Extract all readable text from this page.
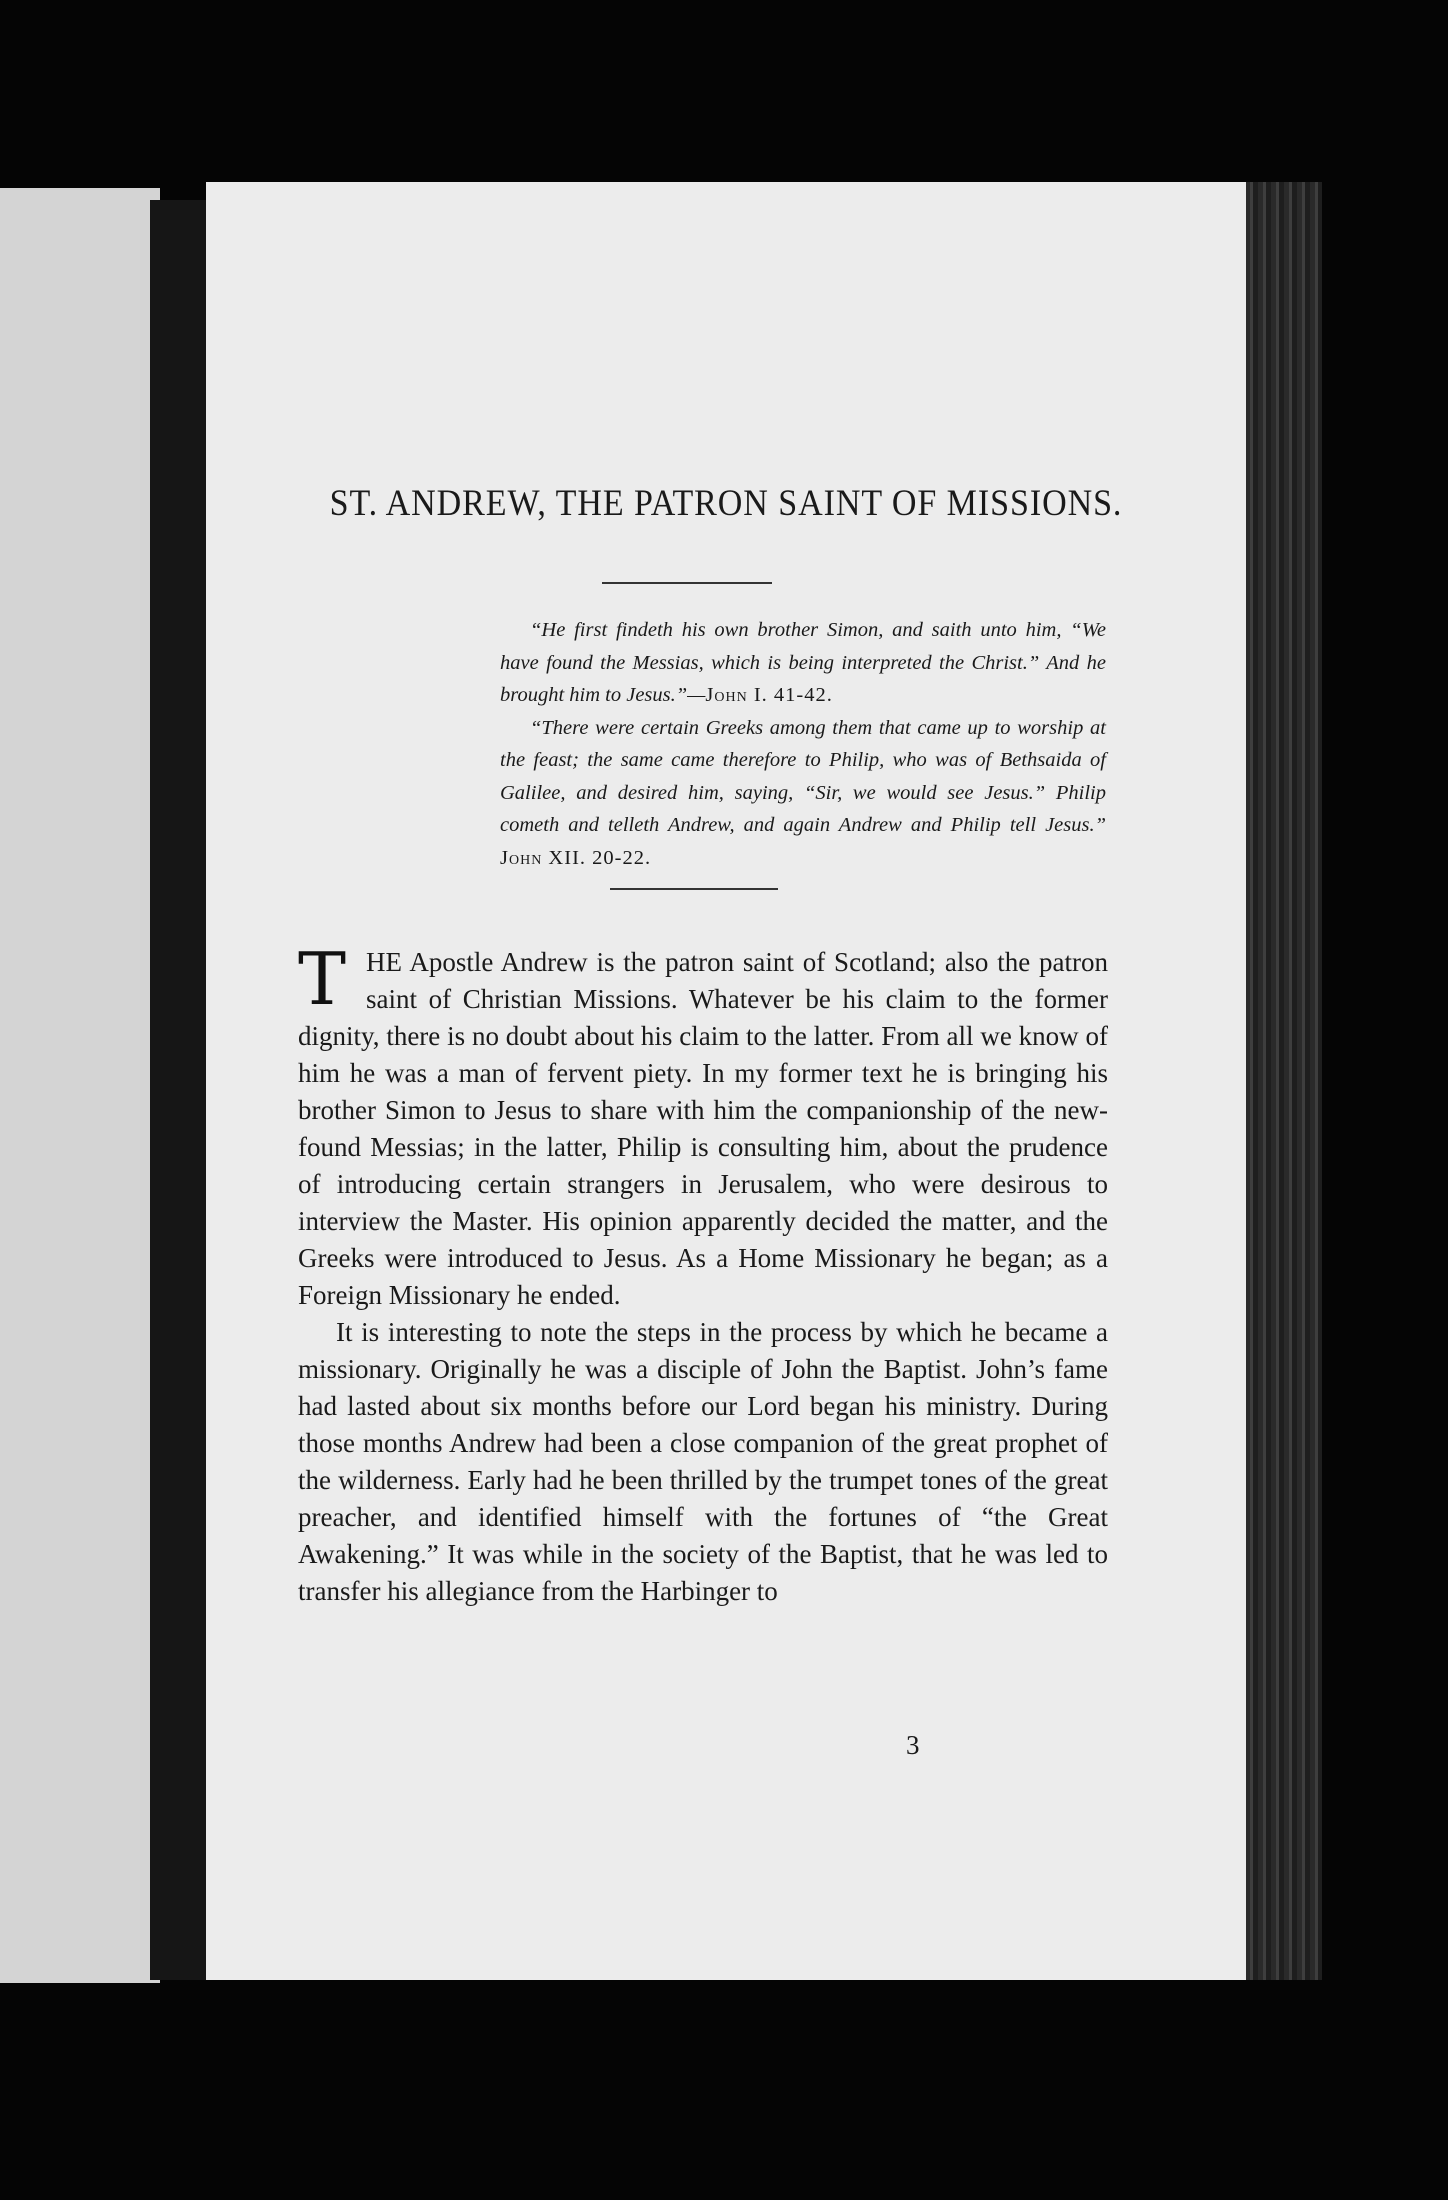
ST. ANDREW, THE PATRON SAINT OF MISSIONS.

“He first findeth his own brother Simon, and saith unto him, “We have found the Messias, which is being interpreted the Christ.” And he brought him to Jesus.”—John I. 41-42.

“There were certain Greeks among them that came up to worship at the feast; the same came therefore to Philip, who was of Bethsaida of Galilee, and desired him, saying, “Sir, we would see Jesus.” Philip cometh and telleth Andrew, and again Andrew and Philip tell Jesus.” John XII. 20-22.

THE Apostle Andrew is the patron saint of Scotland; also the patron saint of Christian Missions. Whatever be his claim to the former dignity, there is no doubt about his claim to the latter. From all we know of him he was a man of fervent piety. In my former text he is bringing his brother Simon to Jesus to share with him the companionship of the new-found Messias; in the latter, Philip is consulting him, about the prudence of introducing certain strangers in Jerusalem, who were desirous to interview the Master. His opinion apparently decided the matter, and the Greeks were introduced to Jesus. As a Home Missionary he began; as a Foreign Missionary he ended.

It is interesting to note the steps in the process by which he became a missionary. Originally he was a disciple of John the Baptist. John’s fame had lasted about six months before our Lord began his ministry. During those months Andrew had been a close companion of the great prophet of the wilderness. Early had he been thrilled by the trumpet tones of the great preacher, and identified himself with the fortunes of “the Great Awakening.” It was while in the society of the Baptist, that he was led to transfer his allegiance from the Harbinger to

3
